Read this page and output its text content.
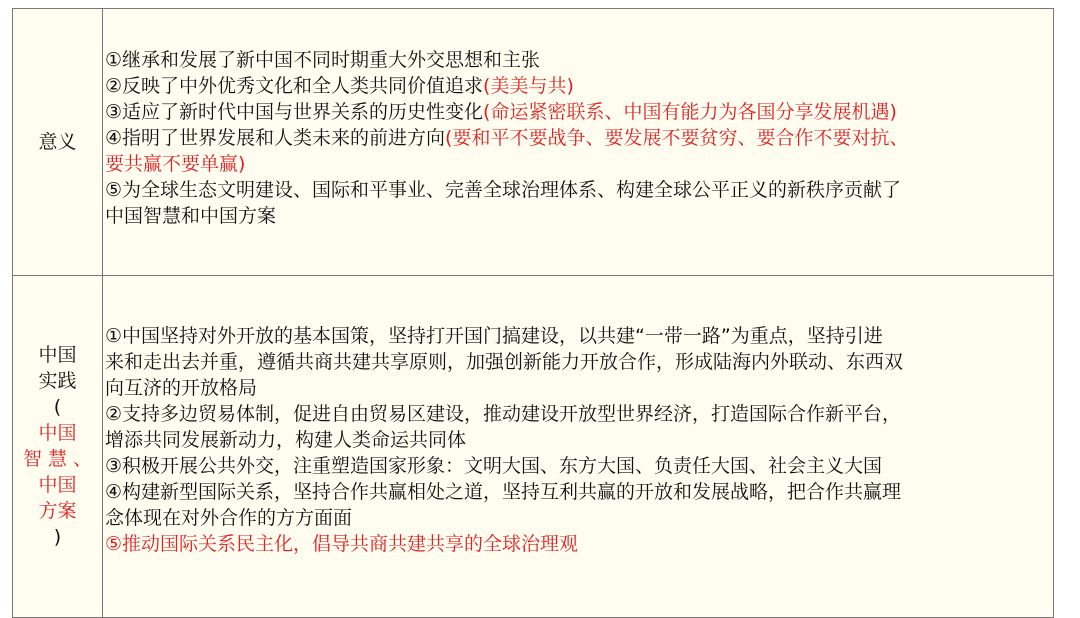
意义
①继承和发展了新中国不同时期重大外交思想和主张
②反映了中外优秀文化和全人类共同价值追求(美美与共)
③适应了新时代中国与世界关系的历史性变化(命运紧密联系、中国有能力为各国分享发展机遇)
④指明了世界发展和人类未来的前进方向(要和平不要战争、要发展不要贫穷、要合作不要对抗、
要共赢不要单赢)
⑤为全球生态文明建设、国际和平事业、完善全球治理体系、构建全球公平正义的新秩序贡献了
中国智慧和中国方案
中国
实践
(
中国
智 慧 、
中国
方案
)
①中国坚持对外开放的基本国策，坚持打开国门搞建设，以共建“一带一路”为重点，坚持引进
来和走出去并重，遵循共商共建共享原则，加强创新能力开放合作，形成陆海内外联动、东西双
向互济的开放格局
②支持多边贸易体制，促进自由贸易区建设，推动建设开放型世界经济，打造国际合作新平台，
增添共同发展新动力，构建人类命运共同体
③积极开展公共外交，注重塑造国家形象：文明大国、东方大国、负责任大国、社会主义大国
④构建新型国际关系，坚持合作共赢相处之道，坚持互利共赢的开放和发展战略，把合作共赢理
念体现在对外合作的方方面面
⑤推动国际关系民主化，倡导共商共建共享的全球治理观
